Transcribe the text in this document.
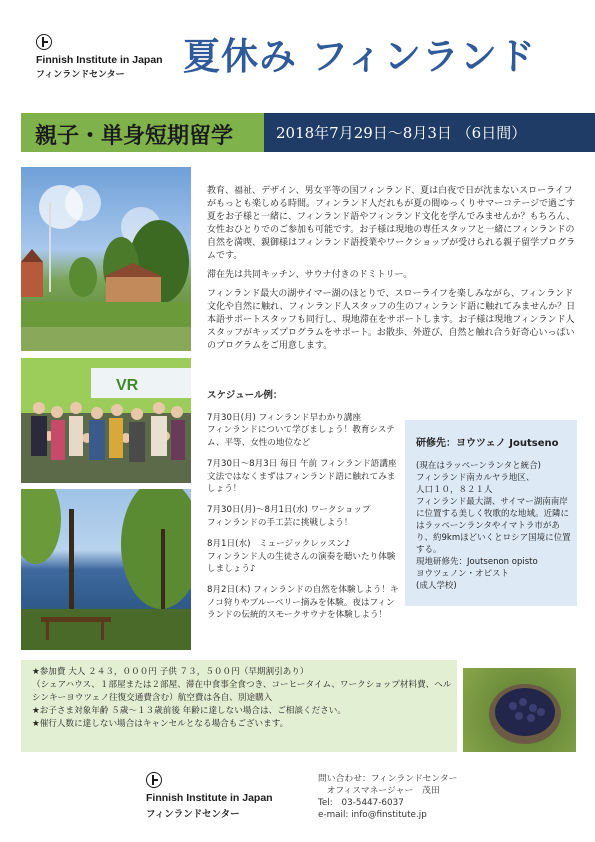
Finnish Institute in Japan
フィンランドセンター 夏休み フィンランド
親子・単身短期留学	2018年7月29日～8月3日 （6日間）
VR

教育、福祉、デザイン、男女平等の国フィンランド、夏は白夜で日が沈まないスローライフがもっとも楽しめる時間。フィンランド人だれもが夏の間ゆっくりサマーコテージで過ごす夏をお子様と一緒に、フィンランド語やフィンランド文化を学んでみませんか？もちろん、女性おひとりでのご参加も可能です。お子様は現地の専任スタッフと一緒にフィンランドの自然を満喫、親御様はフィンランド語授業やワークショップが受けられる親子留学プログラムです。

滞在先は共同キッチン、サウナ付きのドミトリー。

フィンランド最大の湖サイマー湖のほとりで、スローライフを楽しみながら、フィンランド文化や自然に触れ、フィンランド人スタッフの生のフィンランド語に触れてみませんか？日本語サポートスタッフも同行し、現地滞在をサポートします。お子様は現地フィンランド人スタッフがキッズプログラムをサポート。お散歩、外遊び、自然と触れ合う好奇心いっぱいのプログラムをご用意します。

スケジュール例：

7月30日(月) フィンランド早わかり講座
フィンランドについて学びましょう！教育システム、平等、女性の地位など

7月30日～8月3日 毎日 午前 フィンランド語講座文法ではなくまずはフィンランド語に触れてみましょう！

7月30日(月)～8月1日(水) ワークショップ
フィンランドの手工芸に挑戦しよう！

8月1日(水)　ミュージックレッスン♪
フィンランド人の生徒さんの演奏を聴いたり体験しましょう♪

8月2日(木) フィンランドの自然を体験しよう！キノコ狩りやブルーベリー摘みを体験。夜はフィンランドの伝統的スモークサウナを体験しよう！

研修先：ヨウツェノ Joutseno
(現在はラッペーンランタと統合)
フィンランド南カルヤラ地区、
人口１０，８２１人
フィンランド最大湖、サイマー湖南南岸に位置する美しく牧歌的な地域。近隣にはラッペーンランタやイマトラ市があり、約9kmほどいくとロシア国境に位置する。
現地研修先：Joutsenon opisto
ヨウツェノン・オピスト
(成人学校)
★参加費 大人 ２４３，０００円 子供 ７３，５００円（早期割引あり）
（シェアハウス、１部屋または２部屋、滞在中食事全食つき、コーヒータイム、ワークショップ材料費、ヘルシンキーヨウツェノ往復交通費含む）航空費は各自、別途購入
★お子さま対象年齢 ５歳～１３歳前後 年齢に達しない場合は、ご相談ください。
★催行人数に達しない場合はキャンセルとなる場合もございます。
Finnish Institute in Japan
フィンランドセンター
問い合わせ：フィンランドセンター
　オフィスマネージャー　茂田
Tel:　03-5447-6037
e-mail: info@finstitute.jp
